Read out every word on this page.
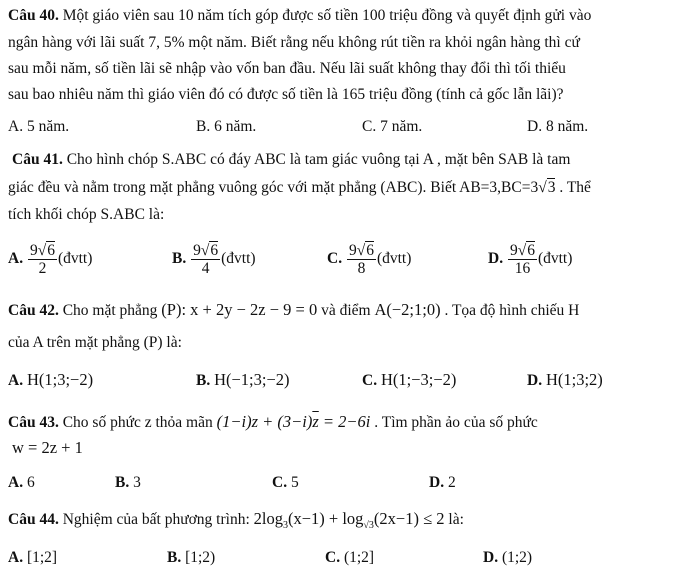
Câu 40. Một giáo viên sau 10 năm tích góp được số tiền 100 triệu đồng và quyết định gửi vào
ngân hàng với lãi suất 7, 5% một năm. Biết rằng nếu không rút tiền ra khỏi ngân hàng thì cứ
sau mỗi năm, số tiền lãi sẽ nhập vào vốn ban đầu. Nếu lãi suất không thay đổi thì tối thiểu
sau bao nhiêu năm thì giáo viên đó có được số tiền là 165 triệu đồng (tính cả gốc lẫn lãi)?
A. 5 năm.	B. 6 năm.	C. 7 năm.	D. 8 năm.
Câu 41. Cho hình chóp S.ABC có đáy ABC là tam giác vuông tại A , mặt bên SAB là tam
giác đều và nằm trong mặt phẳng vuông góc với mặt phẳng (ABC). Biết AB=3,BC=3√3 . Thể
tích khối chóp S.ABC là:
A. $\frac{9√6}{2}$ (đvtt)	B. $\frac{9√6}{4}$ (đvtt)	C. $\frac{9√6}{8}$ (đvtt)	D. $\frac{9√6}{16}$ (đvtt)
Câu 42. Cho mặt phẳng (P): x + 2y − 2z − 9 = 0 và điểm A(−2;1;0) . Tọa độ hình chiếu H
của A trên mặt phẳng (P) là:
A. H(1;3;−2)	B. H(−1;3;−2)	C. H(1;−3;−2)	D. H(1;3;2)
Câu 43. Cho số phức z thỏa mãn $(1-i)z + (3-i)\overline{z} = 2-6i$ . Tìm phần ảo của số phức
w = 2z + 1
A. 6	B. 3	C. 5	D. 2
Câu 44. Nghiệm của bất phương trình: $2\log_3(x-1) + \log_{√3}(2x-1) \le 2$ là:
A. [1;2]	B. [1;2)	C. (1;2]	D. (1;2)
